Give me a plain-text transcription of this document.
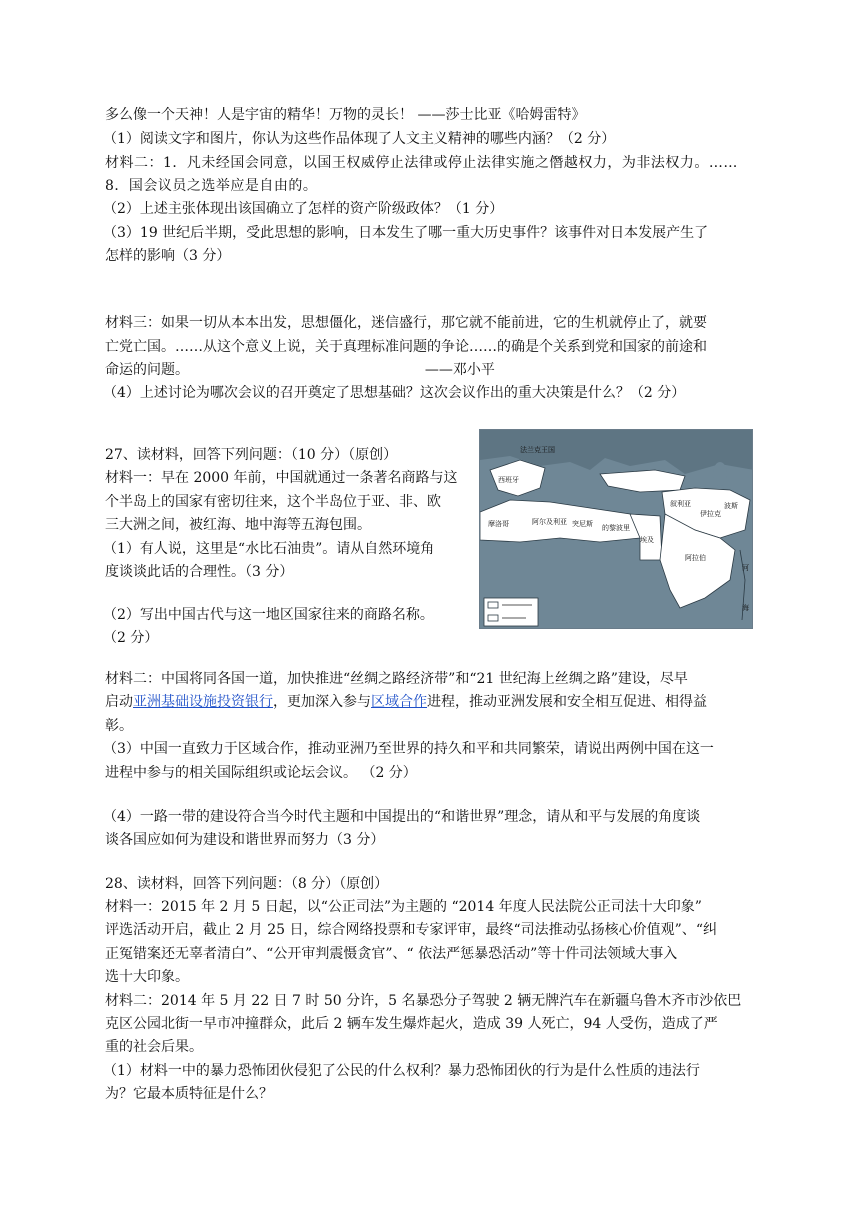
多么像一个天神！人是宇宙的精华！万物的灵长！ ——莎士比亚《哈姆雷特》
（1）阅读文字和图片，你认为这些作品体现了人文主义精神的哪些内涵？（2 分）
材料二：1．凡未经国会同意，以国王权威停止法律或停止法律实施之僭越权力，为非法权力。……
8．国会议员之选举应是自由的。
（2）上述主张体现出该国确立了怎样的资产阶级政体？（1 分）
（3）19 世纪后半期，受此思想的影响，日本发生了哪一重大历史事件？该事件对日本发展产生了
怎样的影响（3 分）
材料三：如果一切从本本出发，思想僵化，迷信盛行，那它就不能前进，它的生机就停止了，就要
亡党亡国。……从这个意义上说，关于真理标准问题的争论……的确是个关系到党和国家的前途和
命运的问题。                                                     ——邓小平
（4）上述讨论为哪次会议的召开奠定了思想基础？这次会议作出的重大决策是什么？（2 分）
27、读材料，回答下列问题：（10 分）（原创）
材料一：早在 2000 年前，中国就通过一条著名商路与这
个半岛上的国家有密切往来，这个半岛位于亚、非、欧
三大洲之间，被红海、地中海等五海包围。
（1）有人说，这里是“水比石油贵”。请从自然环境角
度谈谈此话的合理性。（3 分）
（2）写出中国古代与这一地区国家往来的商路名称。
（2 分）
西班牙
法兰克王国
摩洛哥	阿尔及利亚 突尼斯 的黎波里
埃及
叙利亚
伊拉克
阿拉伯
波斯
河
海
材料二：中国将同各国一道，加快推进“丝绸之路经济带”和“21 世纪海上丝绸之路”建设，尽早
启动亚洲基础设施投资银行，更加深入参与区域合作进程，推动亚洲发展和安全相互促进、相得益
彰。
（3）中国一直致力于区域合作，推动亚洲乃至世界的持久和平和共同繁荣，请说出两例中国在这一
进程中参与的相关国际组织或论坛会议。 （2 分）
（4）一路一带的建设符合当今时代主题和中国提出的“和谐世界”理念，请从和平与发展的角度谈
谈各国应如何为建设和谐世界而努力（3 分）
28、读材料，回答下列问题：（8 分）（原创）
材料一：2015 年 2 月 5 日起，以“公正司法”为主题的 “2014 年度人民法院公正司法十大印象”
评选活动开启，截止 2 月 25 日，综合网络投票和专家评审，最终“司法推动弘扬核心价值观”、“纠
正冤错案还无辜者清白”、“公开审判震慑贪官”、“ 依法严惩暴恐活动”等十件司法领域大事入
选十大印象。
材料二：2014 年 5 月 22 日 7 时 50 分许，5 名暴恐分子驾驶 2 辆无牌汽车在新疆乌鲁木齐市沙依巴
克区公园北街一早市冲撞群众，此后 2 辆车发生爆炸起火，造成 39 人死亡，94 人受伤，造成了严
重的社会后果。
（1）材料一中的暴力恐怖团伙侵犯了公民的什么权利？暴力恐怖团伙的行为是什么性质的违法行
为？它最本质特征是什么？
